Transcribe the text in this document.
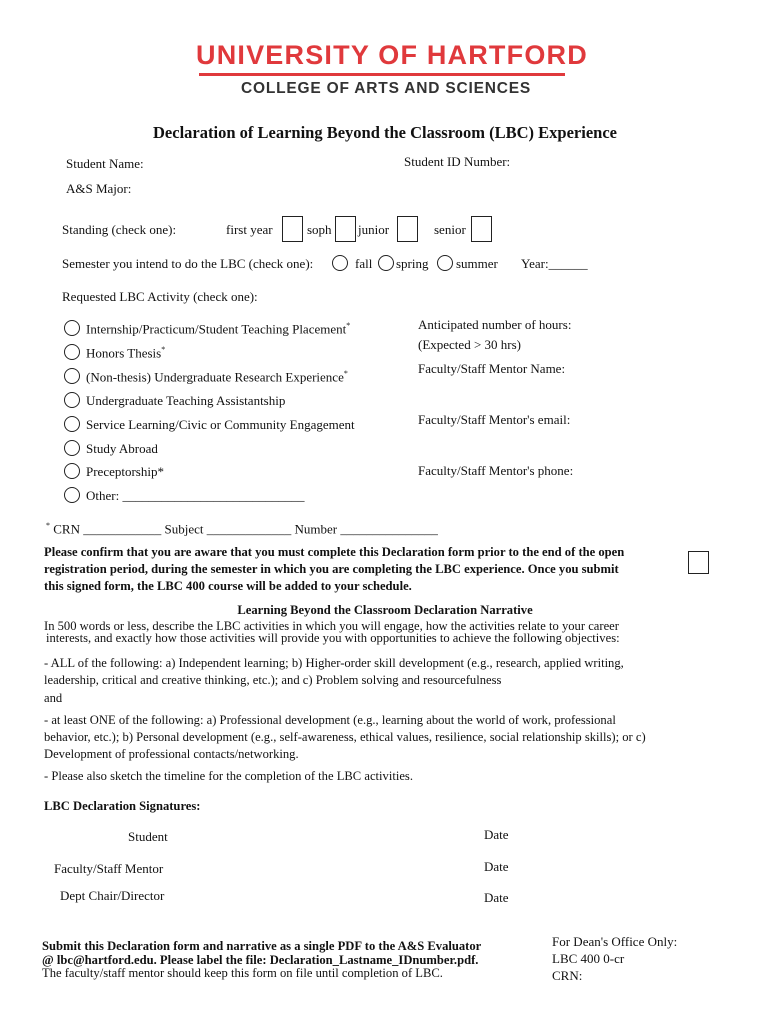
UNIVERSITY OF HARTFORD
COLLEGE OF ARTS AND SCIENCES
Declaration of Learning Beyond the Classroom (LBC) Experience
Student Name:	Student ID Number:
A&S Major:
Standing (check one):	first year	soph junior	senior
Semester you intend to do the LBC (check one):	fall spring summer Year:______
Requested LBC Activity (check one):
Internship/Practicum/Student Teaching Placement*
Honors Thesis*
(Non-thesis) Undergraduate Research Experience*
Undergraduate Teaching Assistantship
Service Learning/Civic or Community Engagement
Study Abroad
Preceptorship*
Other: ____________________________
Anticipated number of hours:
(Expected > 30 hrs)
Faculty/Staff Mentor Name:
Faculty/Staff Mentor's email:
Faculty/Staff Mentor's phone:
* CRN ____________ Subject _____________ Number _______________
Please confirm that you are aware that you must complete this Declaration form prior to the end of the open
registration period, during the semester in which you are completing the LBC experience. Once you submit
this signed form, the LBC 400 course will be added to your schedule.
Learning Beyond the Classroom Declaration Narrative
In 500 words or less, describe the LBC activities in which you will engage, how the activities relate to your career
interests, and exactly how those activities will provide you with opportunities to achieve the following objectives:
- ALL of the following: a) Independent learning; b) Higher-order skill development (e.g., research, applied writing,
leadership, critical and creative thinking, etc.); and c) Problem solving and resourcefulness
and
- at least ONE of the following: a) Professional development (e.g., learning about the world of work, professional
behavior, etc.); b) Personal development (e.g., self-awareness, ethical values, resilience, social relationship skills); or c)
Development of professional contacts/networking.
- Please also sketch the timeline for the completion of the LBC activities.
LBC Declaration Signatures:
Student	Date
Faculty/Staff Mentor	Date
Dept Chair/Director	Date
Submit this Declaration form and narrative as a single PDF to the A&S Evaluator
@ lbc@hartford.edu. Please label the file: Declaration_Lastname_IDnumber.pdf.
The faculty/staff mentor should keep this form on file until completion of LBC.
For Dean's Office Only:
LBC 400 0-cr
CRN:
